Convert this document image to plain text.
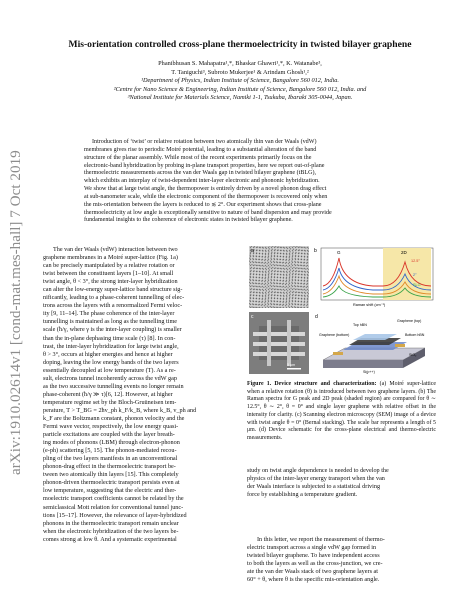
arXiv:1910.02614v1 [cond-mat.mes-hall] 7 Oct 2019
Mis-orientation controlled cross-plane thermoelectricity in twisted bilayer graphene
Phanibhusan S. Mahapatra¹,*, Bhaskar Ghawri¹,*, K. Watanabe³,
T. Taniguchi³, Subroto Mukerjee¹ & Arindam Ghosh¹,²
¹Department of Physics, Indian Institute of Science, Bangalore 560 012, India.
²Centre for Nano Science & Engineering, Indian Institute of Science, Bangalore 560 012, India. and
³National Institute for Materials Science, Namiki 1-1, Tsukuba, Ibaraki 305-0044, Japan.
Introduction of ‘twist’ or relative rotation between two atomically thin van der Waals (vdW)
membranes gives rise to periodic Moiré potential, leading to a substantial alteration of the band
structure of the planar assembly. While most of the recent experiments primarily focus on the
electronic-band hybridization by probing in-plane transport properties, here we report out-of-plane
thermoelectric measurements across the van der Waals gap in twisted bilayer graphene (tBLG),
which exhibits an interplay of twist-dependent inter-layer electronic and phononic hybridization.
We show that at large twist angle, the thermopower is entirely driven by a novel phonon drag effect
at sub-nanometer scale, while the electronic component of the thermopower is recovered only when
the mis-orientation between the layers is reduced to ≲ 2°. Our experiment shows that cross-plane
thermoelectricity at low angle is exceptionally sensitive to nature of band dispersion and may provide
fundamental insights to the coherence of electronic states in twisted bilayer graphene.
The van der Waals (vdW) interaction between two
graphene membranes in a Moiré super-lattice (Fig. 1a)
can be precisely manipulated by a relative rotation or
twist between the constituent layers [1–10]. At small
twist angle, θ < 3°, the strong inter-layer hybridization
can alter the low-energy super-lattice band structure sig-
nificantly, leading to a phase-coherent tunnelling of elec-
trons across the layers with a renormalized Fermi veloc-
ity [9, 11–14]. The phase coherence of the inter-layer
tunnelling is maintained as long as the tunnelling time
scale (ħ/γ, where γ is the inter-layer coupling) is smaller
than the in-plane dephasing time scale (τ) [8]. In con-
trast, the inter-layer hybridization for large twist angle,
θ > 3°, occurs at higher energies and hence at higher
doping, leaving the low energy bands of the two layers
essentially decoupled at low temperature (T). As a re-
sult, electrons tunnel incoherently across the vdW gap
as the two successive tunnelling events no longer remain
phase-coherent (ħ/γ ≫ τ)[6, 12]. However, at higher
temperature regime set by the Bloch-Gruüneisen tem-
perature, T > T_BG = 2ħv_ph k_F/k_B, where k_B, v_ph and
k_F are the Boltzmann constant, phonon velocity and the
Fermi wave vector, respectively, the low energy quasi-
particle excitations are coupled with the layer breath-
ing modes of phonons (LBM) through electron-phonon
(e-ph) scattering [5, 15]. The phonon-mediated recou-
pling of the two layers manifests in an unconventional
phonon-drag effect in the thermoelectric transport be-
tween two atomically thin layers [15]. This completely
phonon-driven thermoelectric transport persists even at
low temperature, suggesting that the electric and ther-
moelectric transport coefficients cannot be related by the
semiclassical Mott relation for conventional tunnel junc-
tions [15–17]. However, the relevance of layer-hybridized
phonons in the thermoelectric transport remain unclear
when the electronic hybridization of the two layers be-
comes strong at low θ. And a systematic experimental
a	G	2D
12.5°
2°
SLG
Raman shift (cm⁻¹)
b
5 μm
c
Top hBN
Graphene (top)
Bottom hBN
Graphene (bottom)
SiO₂
Si(p++)
d
Figure 1. Device structure and characterization: (a) Moiré super-lattice when a relative rotation (θ) is introduced between two graphene layers. (b) The Raman spectra for G peak and 2D peak (shaded region) are compared for θ ∼ 12.5°, θ ∼ 2°, θ = 0° and single layer graphene with relative offset in the intensity for clarity. (c) Scanning electron microscopy (SEM) image of a device with twist angle θ = 0° (Bernal stacking). The scale bar represents a length of 5 μm. (d) Device schematic for the cross-plane electrical and thermo-electric measurements.
study on twist angle dependence is needed to develop the
physics of the inter-layer energy transport when the van
der Waals interface is subjected to a statistical driving
force by establishing a temperature gradient.
In this letter, we report the measurement of thermo-
electric transport across a single vdW gap formed in
twisted bilayer graphene. To have independent access
to both the layers as well as the cross-junction, we cre-
ate the van der Waals stack of two graphene layers at
60° + θ, where θ is the specific mis-orientation angle.
